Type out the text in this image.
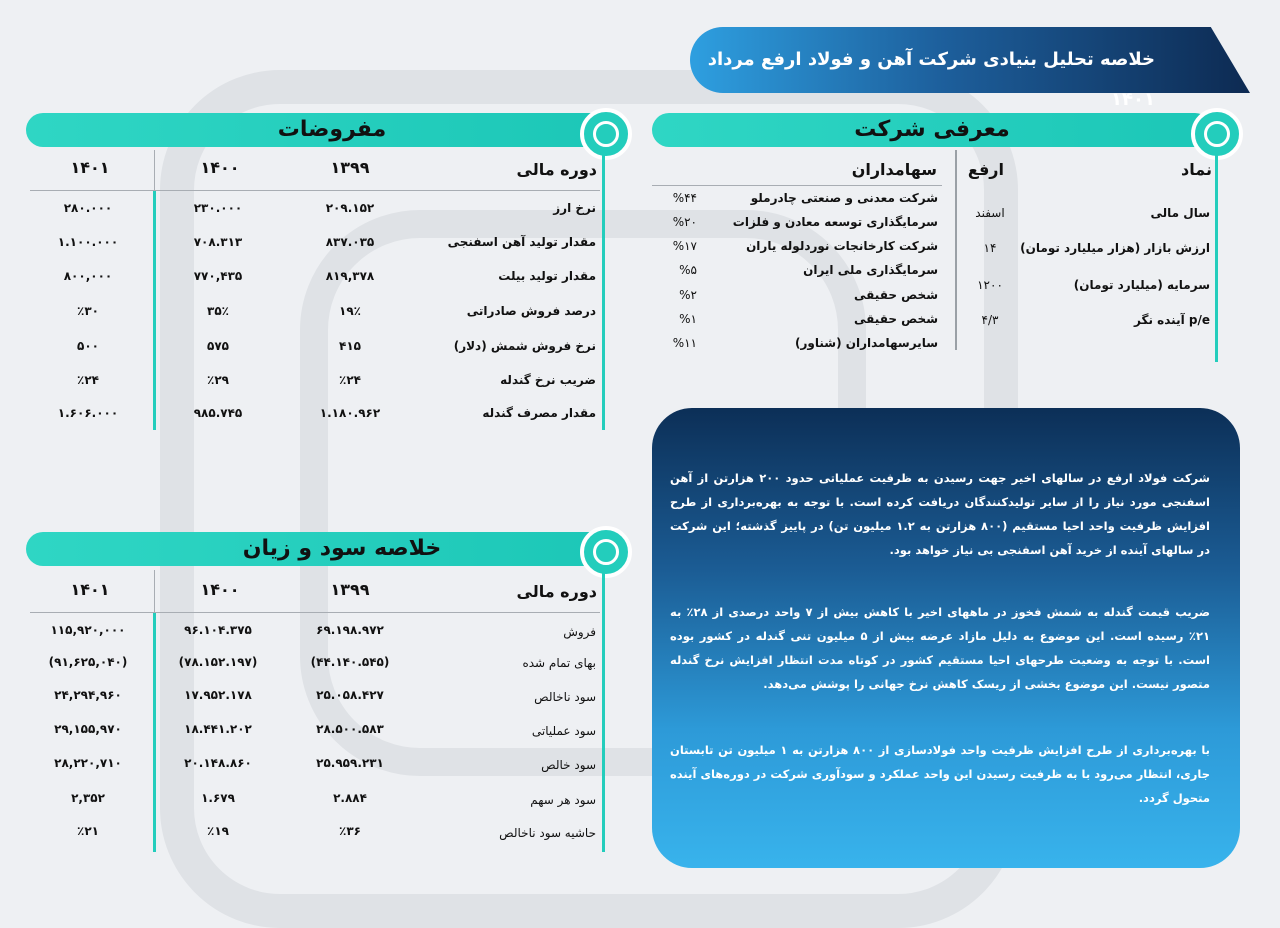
خلاصه تحلیل بنیادی شرکت آهن و فولاد ارفع مرداد ۱۴۰۱
معرفی شرکت
نماد
ارفع
سهامداران
سال مالی
اسفند
ارزش بازار (هزار میلیارد تومان)
۱۴
سرمایه (میلیارد تومان)
۱۲۰۰
p/e آینده نگر
۴/۳
شرکت معدنی و صنعتی چادرملو
%۴۴
سرمایگذاری توسعه معادن و فلزات
%۲۰
شرکت کارخانجات نوردلوله یاران
%۱۷
سرمایگذاری ملی ایران
%۵
شخص حقیقی
%۲
شخص حقیقی
%۱
سایرسهامداران (شناور)
%۱۱
مفروضات
دوره مالی
۱۳۹۹
۱۴۰۰
۱۴۰۱
نرخ ارز
۲۰۹.۱۵۲
۲۳۰.۰۰۰
۲۸۰.۰۰۰
مقدار تولید آهن اسفنجی
۸۳۷.۰۳۵
۷۰۸.۳۱۳
۱.۱۰۰.۰۰۰
مقدار تولید بیلت
۸۱۹,۳۷۸
۷۷۰,۴۳۵
۸۰۰,۰۰۰
درصد فروش صادراتی
۱۹٪
۳۵٪
٪۳۰
نرخ فروش شمش (دلار)
۴۱۵
۵۷۵
۵۰۰
ضریب نرخ گندله
٪۲۴
٪۲۹
٪۲۴
مقدار مصرف گندله
۱.۱۸۰.۹۶۲
۹۸۵.۷۴۵
۱.۶۰۶.۰۰۰
خلاصه سود و زیان
دوره مالی
۱۳۹۹
۱۴۰۰
۱۴۰۱
فروش
۶۹.۱۹۸.۹۷۲
۹۶.۱۰۴.۳۷۵
۱۱۵,۹۲۰,۰۰۰
بهای تمام شده
(۴۴.۱۴۰.۵۴۵)
(۷۸.۱۵۲.۱۹۷)
(۹۱,۶۲۵,۰۴۰)
سود ناخالص
۲۵.۰۵۸.۴۲۷
۱۷.۹۵۲.۱۷۸
۲۴,۲۹۴,۹۶۰
سود عملیاتی
۲۸.۵۰۰.۵۸۳
۱۸.۴۴۱.۲۰۲
۲۹,۱۵۵,۹۷۰
سود خالص
۲۵.۹۵۹.۲۳۱
۲۰.۱۴۸.۸۶۰
۲۸,۲۲۰,۷۱۰
سود هر سهم
۲.۸۸۴
۱.۶۷۹
۲,۳۵۲
حاشیه سود ناخالص
٪۳۶
٪۱۹
٪۲۱
شرکت فولاد ارفع در سالهای اخیر جهت رسیدن به ظرفیت عملیاتی حدود ۲۰۰ هزارتن از آهن اسفنجی مورد نیاز را از سایر تولیدکنندگان دریافت کرده است. با توجه به بهره‌برداری از طرح افزایش ظرفیت واحد احیا مستقیم (۸۰۰ هزارتن به ۱.۲ میلیون تن) در پاییز گذشته؛ این شرکت در سالهای آینده از خرید آهن اسفنجی بی نیاز خواهد بود.
ضریب قیمت گندله به شمش فخوز در ماههای اخیر با کاهش بیش از ۷ واحد درصدی از ۲۸٪ به ۲۱٪ رسیده است. این موضوع به دلیل مازاد عرضه بیش از ۵ میلیون تنی گندله در کشور بوده است. با توجه به وضعیت طرحهای احیا مستقیم کشور در کوتاه مدت انتظار افزایش نرخ گندله متصور نیست. این موضوع بخشی از ریسک کاهش نرخ جهانی را پوشش می‌دهد.
با بهره‌برداری از طرح افزایش ظرفیت واحد فولادسازی از ۸۰۰ هزارتن به ۱ میلیون تن تابستان جاری، انتظار می‌رود با به ظرفیت رسیدن این واحد عملکرد و سودآوری شرکت در دوره‌های آینده متحول گردد.
